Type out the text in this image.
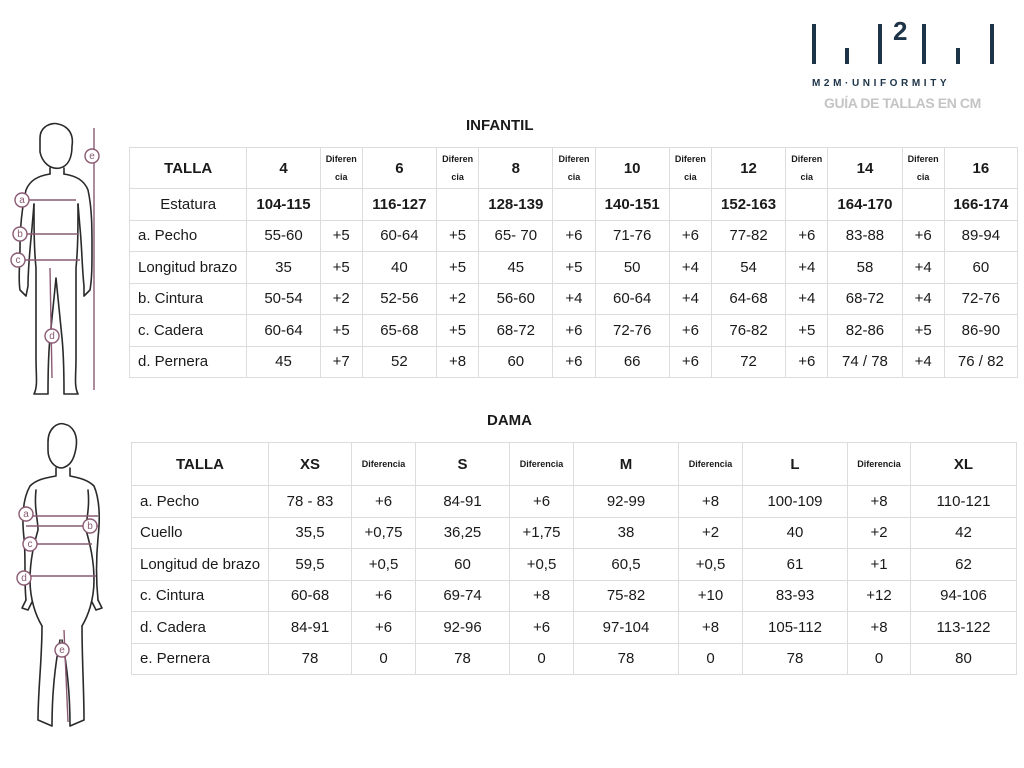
2
M2M·UNIFORMITY
GUÍA DE TALLAS EN CM
e
a
b
c
d
a
b
c
d
e
INFANTIL
TALLA	4	Diferencia	6	Diferencia	8	Diferencia	10	Diferencia	12	Diferencia	14	Diferencia	16
Estatura	104-115		116-127		128-139		140-151		152-163		164-170		166-174
a. Pecho	55-60	+5	60-64	+5	65- 70	+6	71-76	+6	77-82	+6	83-88	+6	89-94
Longitud brazo	35	+5	40	+5	45	+5	50	+4	54	+4	58	+4	60
b. Cintura	50-54	+2	52-56	+2	56-60	+4	60-64	+4	64-68	+4	68-72	+4	72-76
c. Cadera	60-64	+5	65-68	+5	68-72	+6	72-76	+6	76-82	+5	82-86	+5	86-90
d. Pernera	45	+7	52	+8	60	+6	66	+6	72	+6	74 / 78	+4	76 / 82
DAMA
TALLA	XS	Diferencia	S	Diferencia	M	Diferencia	L	Diferencia	XL
a. Pecho	78 - 83	+6	84-91	+6	92-99	+8	100-109	+8	110-121
Cuello	35,5	+0,75	36,25	+1,75	38	+2	40	+2	42
Longitud de brazo	59,5	+0,5	60	+0,5	60,5	+0,5	61	+1	62
c. Cintura	60-68	+6	69-74	+8	75-82	+10	83-93	+12	94-106
d. Cadera	84-91	+6	92-96	+6	97-104	+8	105-112	+8	113-122
e. Pernera	78	0	78	0	78	0	78	0	80
